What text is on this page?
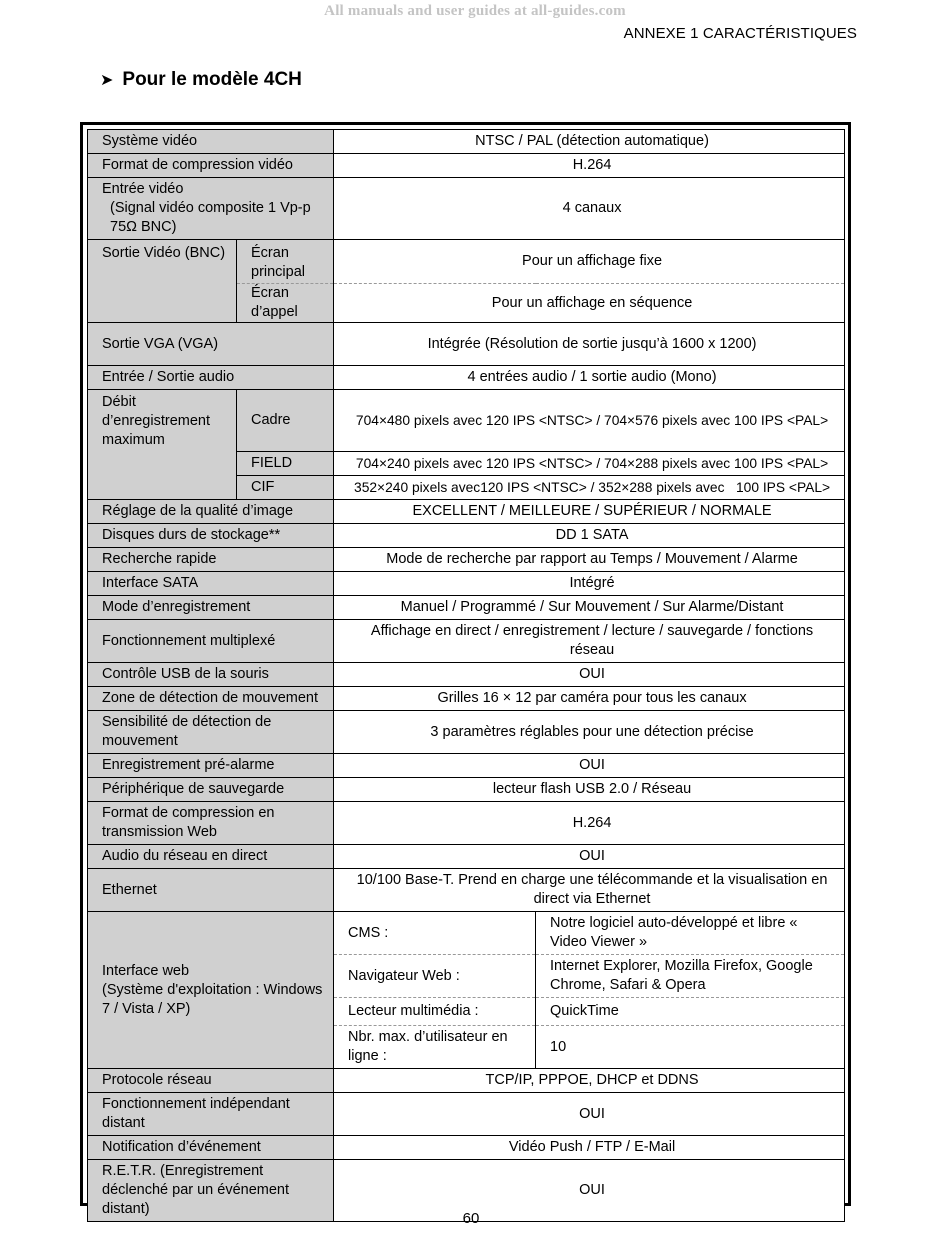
All manuals and user guides at all-guides.com
ANNEXE 1 CARACTÉRISTIQUES
➤ Pour le modèle 4CH
Système vidéo		NTSC / PAL (détection automatique)	
Format de compression vidéo		H.264	

Entrée vidéo
(Signal vidéo composite 1 Vp-p 75Ω BNC)		4 canaux	
Sortie Vidéo (BNC)	Écran principal	Pour un affichage fixe	
	Écran d’appel	Pour un affichage en séquence	
Sortie VGA (VGA)		Intégrée (Résolution de sortie jusqu’à 1600 x 1200)	
Entrée / Sortie audio		4 entrées audio / 1 sortie audio (Mono)	
Débit d’enregistrement maximum	Cadre	704×480 pixels avec 120 IPS <NTSC> / 704×576 pixels avec 100 IPS <PAL>	
	FIELD	704×240 pixels avec 120 IPS <NTSC> / 704×288 pixels avec 100 IPS <PAL>	
	CIF	352×240 pixels avec120 IPS <NTSC> / 352×288 pixels avec   100 IPS <PAL>	
Réglage de la qualité d’image		EXCELLENT / MEILLEURE / SUPÉRIEUR / NORMALE	
Disques durs de stockage**		DD 1 SATA	
Recherche rapide		Mode de recherche par rapport au Temps / Mouvement / Alarme	
Interface SATA		Intégré	
Mode d’enregistrement		Manuel / Programmé / Sur Mouvement / Sur Alarme/Distant	
Fonctionnement multiplexé		Affichage en direct / enregistrement / lecture / sauvegarde / fonctions réseau	
Contrôle USB de la souris		OUI	
Zone de détection de mouvement		Grilles 16 × 12 par caméra pour tous les canaux	
Sensibilité de détection de mouvement		3 paramètres réglables pour une détection précise	
Enregistrement pré-alarme		OUI	
Périphérique de sauvegarde		lecteur flash USB 2.0 / Réseau	
Format de compression en transmission Web		H.264	
Audio du réseau en direct		OUI	
Ethernet		10/100 Base-T. Prend en charge une télécommande et la visualisation en direct via Ethernet	

Interface web
(Système d'exploitation : Windows 7 / Vista / XP)		CMS :	Notre logiciel auto-développé et libre « Video Viewer »
		Navigateur Web :	Internet Explorer, Mozilla Firefox, Google Chrome, Safari & Opera
		Lecteur multimédia :	QuickTime
		Nbr. max. d’utilisateur en ligne :	10
Protocole réseau		TCP/IP, PPPOE, DHCP et DDNS	
Fonctionnement indépendant distant		OUI	
Notification d’événement		Vidéo Push / FTP / E-Mail	
R.E.T.R. (Enregistrement déclenché par un événement distant)		OUI	
60
